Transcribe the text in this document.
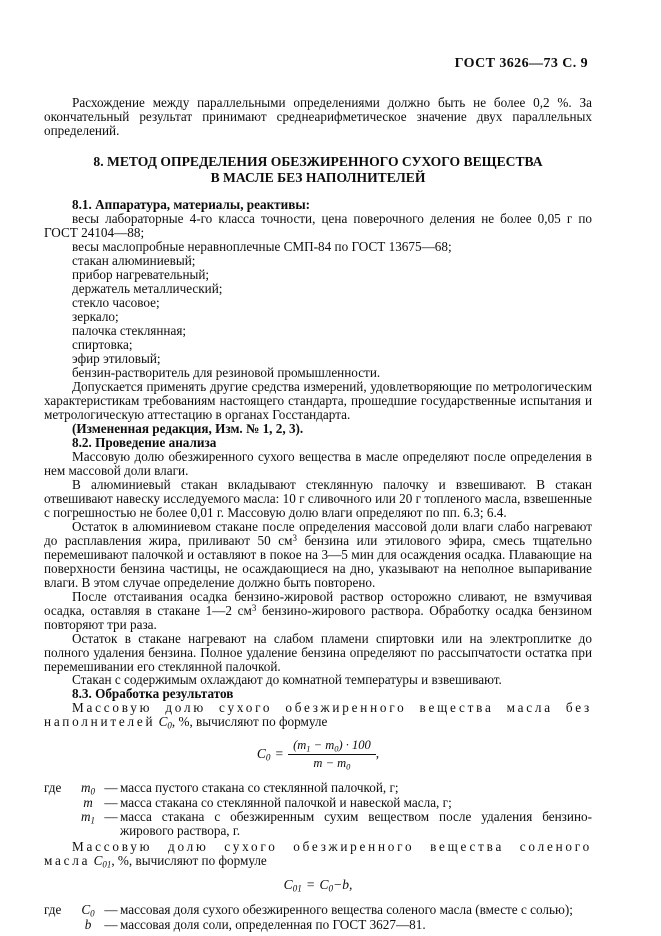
ГОСТ 3626—73 С. 9

Расхождение между параллельными определениями должно быть не более 0,2 %. За окончательный результат принимают среднеарифметическое значение двух параллельных определений.

8. МЕТОД ОПРЕДЕЛЕНИЯ ОБЕЗЖИРЕННОГО СУХОГО ВЕЩЕСТВА
В МАСЛЕ БЕЗ НАПОЛНИТЕЛЕЙ
8.1. Аппаратура, материалы, реактивы:

весы лабораторные 4-го класса точности, цена поверочного деления не более 0,05 г по ГОСТ 24104—88;

весы маслопробные неравноплечные СМП-84 по ГОСТ 13675—68;

стакан алюминиевый;

прибор нагревательный;

держатель металлический;

стекло часовое;

зеркало;

палочка стеклянная;

спиртовка;

эфир этиловый;

бензин-растворитель для резиновой промышленности.

Допускается применять другие средства измерений, удовлетворяющие по метрологическим характеристикам требованиям настоящего стандарта, прошедшие государственные испытания и метрологическую аттестацию в органах Госстандарта.

(Измененная редакция, Изм. № 1, 2, 3).

8.2. Проведение анализа

Массовую долю обезжиренного сухого вещества в масле определяют после определения в нем массовой доли влаги.

В алюминиевый стакан вкладывают стеклянную палочку и взвешивают. В стакан отвешивают навеску исследуемого масла: 10 г сливочного или 20 г топленого масла, взвешенные с погрешностью не более 0,01 г. Массовую долю влаги определяют по пп. 6.3; 6.4.

Остаток в алюминиевом стакане после определения массовой доли влаги слабо нагревают до расплавления жира, приливают 50 $см^3$ бензина или этилового эфира, смесь тщательно перемешивают палочкой и оставляют в покое на 3—5 мин для осаждения осадка. Плавающие на поверхности бензина частицы, не осаждающиеся на дно, указывают на неполное выпаривание влаги. В этом случае определение должно быть повторено.

После отстаивания осадка бензино-жировой раствор осторожно сливают, не взмучивая осадка, оставляя в стакане 1—2 $см^3$ бензино-жирового раствора. Обработку осадка бензином повторяют три раза.

Остаток в стакане нагревают на слабом пламени спиртовки или на электроплитке до полного удаления бензина. Полное удаление бензина определяют по рассыпчатости остатка при перемешивании его стеклянной палочкой.

Стакан с содержимым охлаждают до комнатной температуры и взвешивают.

8.3. Обработка результатов

Массовую долю сухого обезжиренного вещества масла без наполнителей $C_0$, %, вычисляют по формуле

$C_0 = \frac{(m_1 - m_0) \cdot 100}{m - m_0}$ ,
где	$m_0$ — масса пустого стакана со стеклянной палочкой, г;
m — масса стакана со стеклянной палочкой и навеской масла, г;
$m_1$ — масса стакана с обезжиренным сухим веществом после удаления бензино-жирового раствора, г.

Массовую долю сухого обезжиренного вещества соленого масла $C_{01}$, %, вычисляют по формуле

$C_{01} = C_0-b$,
где	$C_0$ — массовая доля сухого обезжиренного вещества соленого масла (вместе с солью);
b — массовая доля соли, определенная по ГОСТ 3627—81.
